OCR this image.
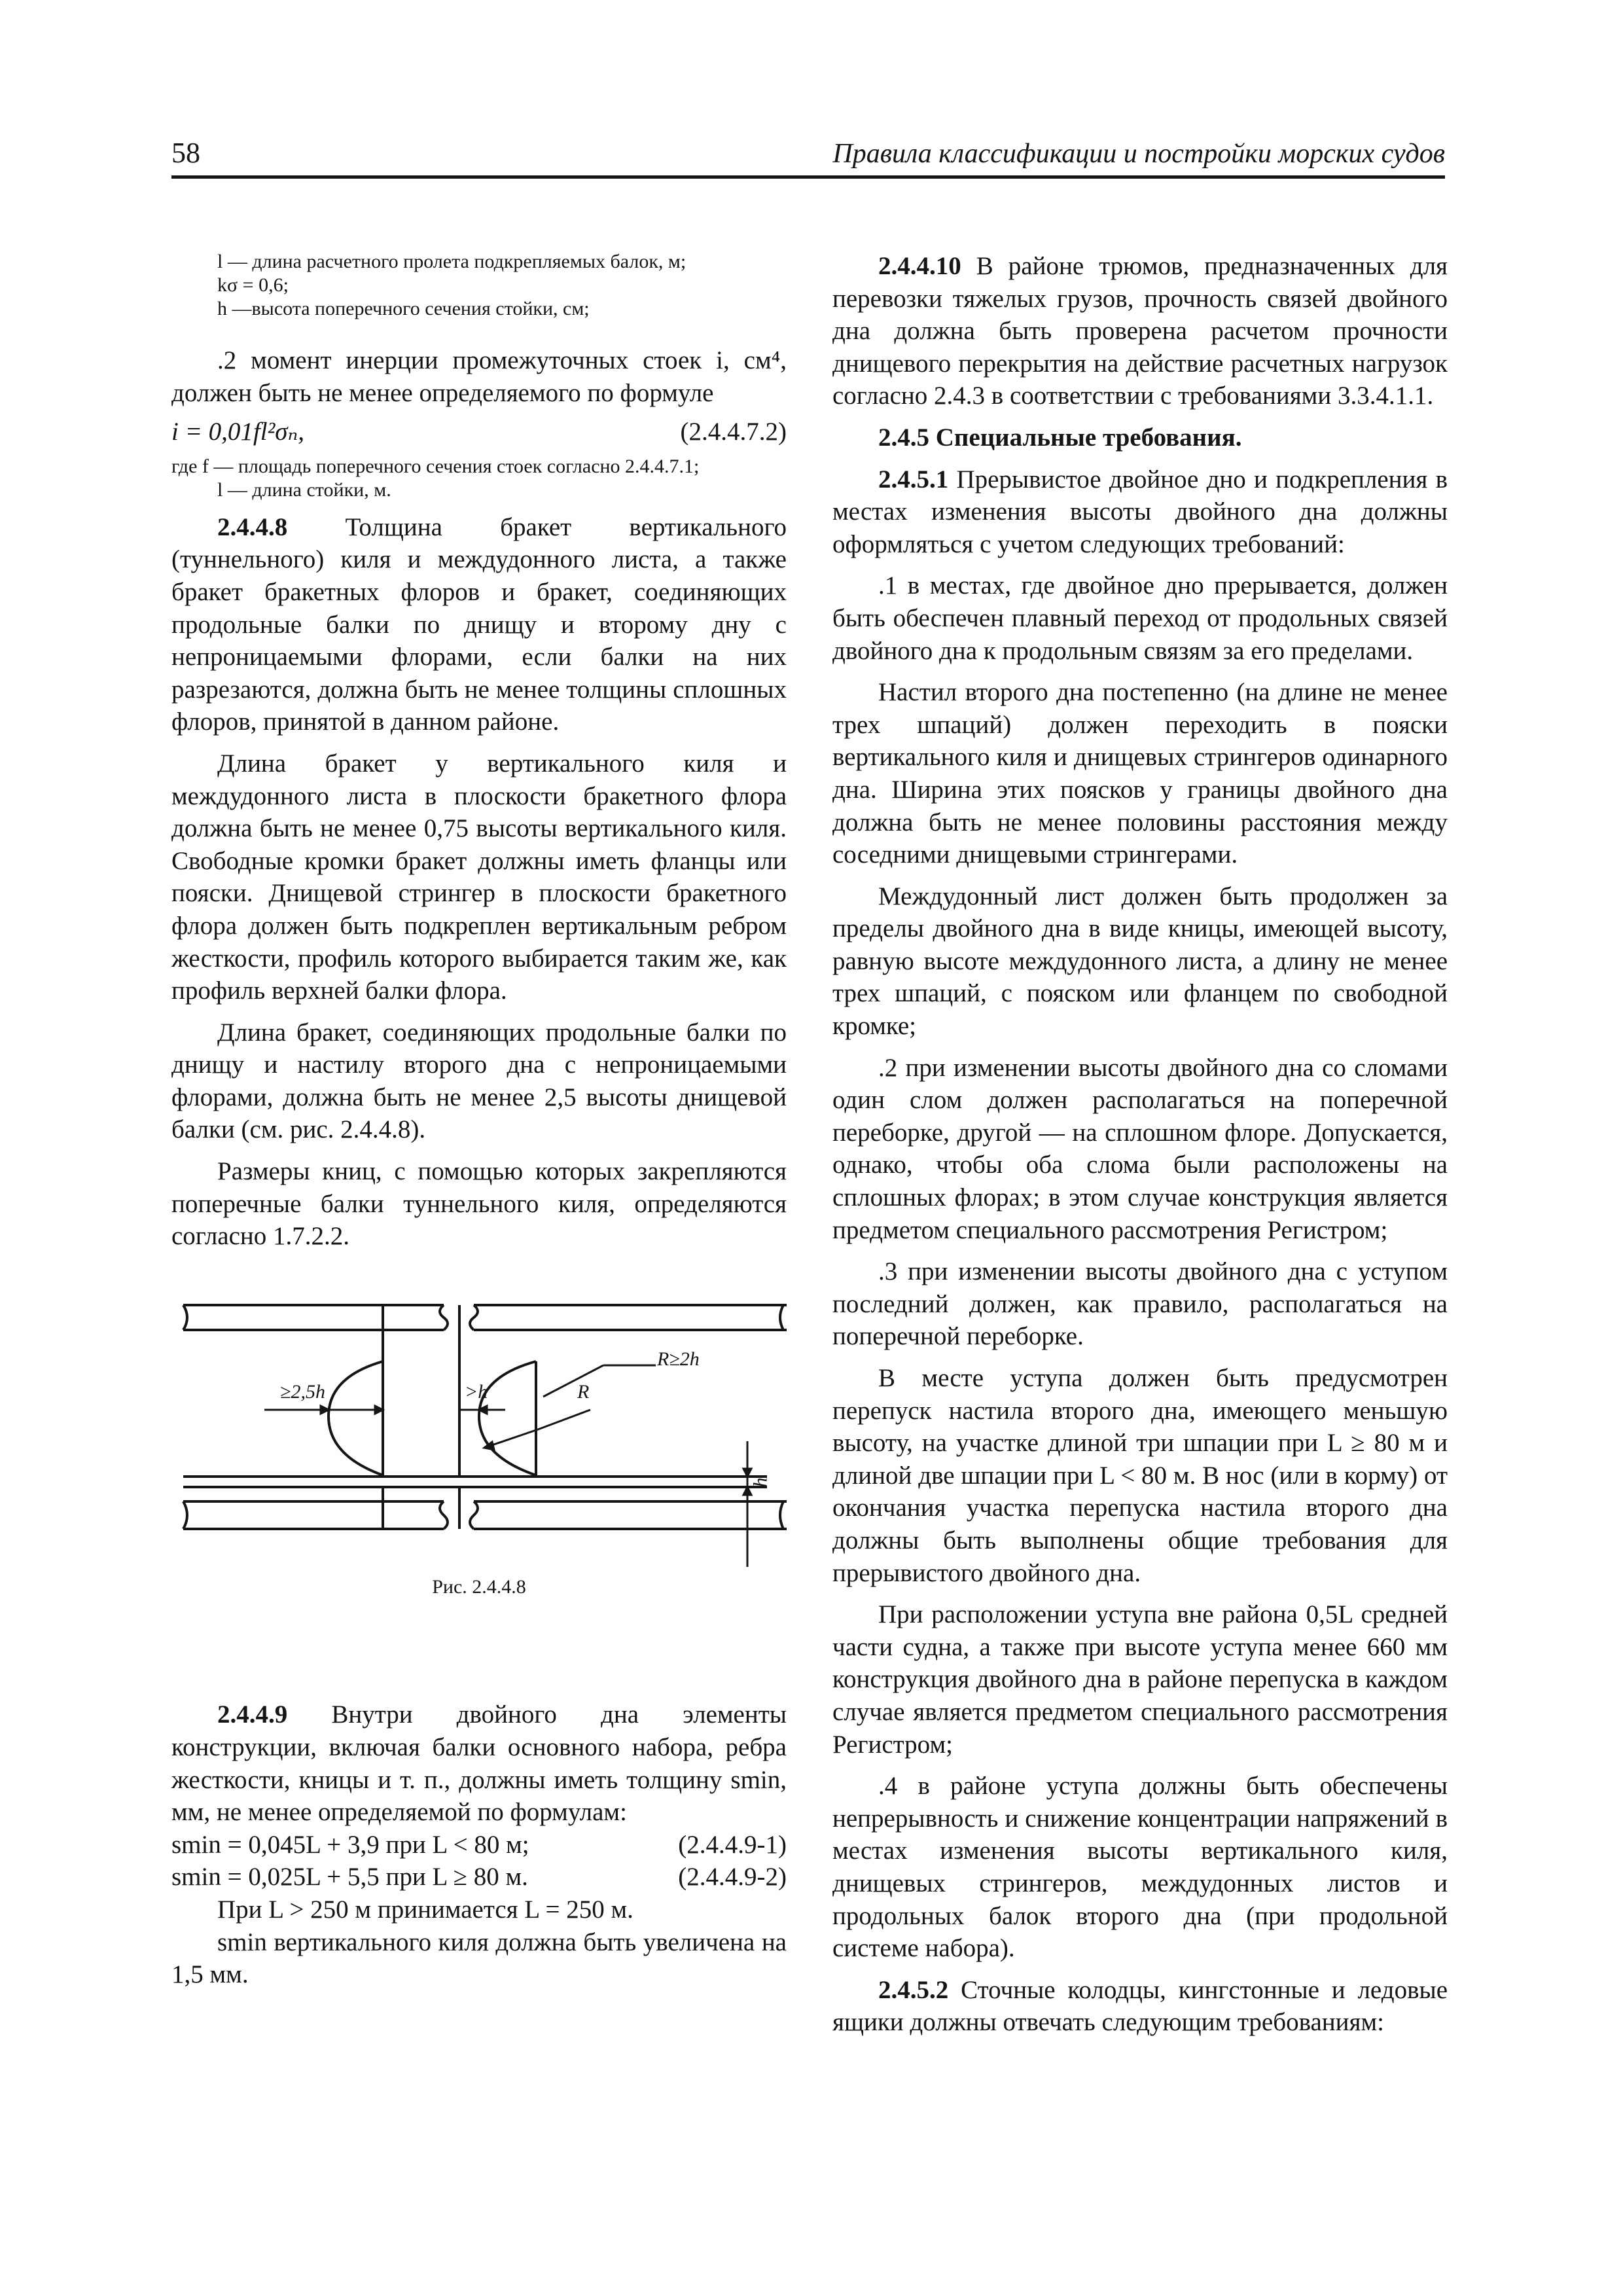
58	Правила классификации и постройки морских судов

l — длина расчетного пролета подкрепляемых балок, м;

kσ = 0,6;

h —высота поперечного сечения стойки, см;

.2 момент инерции промежуточных стоек i, см⁴, должен быть не менее определяемого по формуле

i = 0,01fl²σₙ,	(2.4.4.7.2)

где f — площадь поперечного сечения стоек согласно 2.4.4.7.1;

l — длина стойки, м.

2.4.4.8 Толщина бракет вертикального (туннельного) киля и междудонного листа, а также бракет бракетных флоров и бракет, соединяющих продольные балки по днищу и второму дну с непроницаемыми флорами, если балки на них разрезаются, должна быть не менее толщины сплошных флоров, принятой в данном районе.

Длина бракет у вертикального киля и междудонного листа в плоскости бракетного флора должна быть не менее 0,75 высоты вертикального киля. Свободные кромки бракет должны иметь фланцы или пояски. Днищевой стрингер в плоскости бракетного флора должен быть подкреплен вертикальным ребром жесткости, профиль которого выбирается таким же, как профиль верхней балки флора.

Длина бракет, соединяющих продольные балки по днищу и настилу второго дна с непроницаемыми флорами, должна быть не менее 2,5 высоты днищевой балки (см. рис. 2.4.4.8).

Размеры книц, с помощью которых закрепляются поперечные балки туннельного киля, определяются согласно 1.7.2.2.

≥2,5h	>h	R
R≥2h
h
Рис. 2.4.4.8

2.4.4.9 Внутри двойного дна элементы конструкции, включая балки основного набора, ребра жесткости, кницы и т. п., должны иметь толщину smin, мм, не менее определяемой по формулам:

smin = 0,045L + 3,9 при L < 80 м;	(2.4.4.9-1)
smin = 0,025L + 5,5 при L ≥ 80 м.	(2.4.4.9-2)

При L > 250 м принимается L = 250 м.

smin вертикального киля должна быть увеличена на 1,5 мм.

2.4.4.10 В районе трюмов, предназначенных для перевозки тяжелых грузов, прочность связей двойного дна должна быть проверена расчетом прочности днищевого перекрытия на действие расчетных нагрузок согласно 2.4.3 в соответствии с требованиями 3.3.4.1.1.

2.4.5 Специальные требования.

2.4.5.1 Прерывистое двойное дно и подкрепления в местах изменения высоты двойного дна должны оформляться с учетом следующих требований:

.1 в местах, где двойное дно прерывается, должен быть обеспечен плавный переход от продольных связей двойного дна к продольным связям за его пределами.

Настил второго дна постепенно (на длине не менее трех шпаций) должен переходить в пояски вертикального киля и днищевых стрингеров одинарного дна. Ширина этих поясков у границы двойного дна должна быть не менее половины расстояния между соседними днищевыми стрингерами.

Междудонный лист должен быть продолжен за пределы двойного дна в виде кницы, имеющей высоту, равную высоте междудонного листа, а длину не менее трех шпаций, с пояском или фланцем по свободной кромке;

.2 при изменении высоты двойного дна со сломами один слом должен располагаться на поперечной переборке, другой — на сплошном флоре. Допускается, однако, чтобы оба слома были расположены на сплошных флорах; в этом случае конструкция является предметом специального рассмотрения Регистром;

.3 при изменении высоты двойного дна с уступом последний должен, как правило, располагаться на поперечной переборке.

В месте уступа должен быть предусмотрен перепуск настила второго дна, имеющего меньшую высоту, на участке длиной три шпации при L ≥ 80 м и длиной две шпации при L < 80 м. В нос (или в корму) от окончания участка перепуска настила второго дна должны быть выполнены общие требования для прерывистого двойного дна.

При расположении уступа вне района 0,5L средней части судна, а также при высоте уступа менее 660 мм конструкция двойного дна в районе перепуска в каждом случае является предметом специального рассмотрения Регистром;

.4 в районе уступа должны быть обеспечены непрерывность и снижение концентрации напряжений в местах изменения высоты вертикального киля, днищевых стрингеров, междудонных листов и продольных балок второго дна (при продольной системе набора).

2.4.5.2 Сточные колодцы, кингстонные и ледовые ящики должны отвечать следующим требованиям:
